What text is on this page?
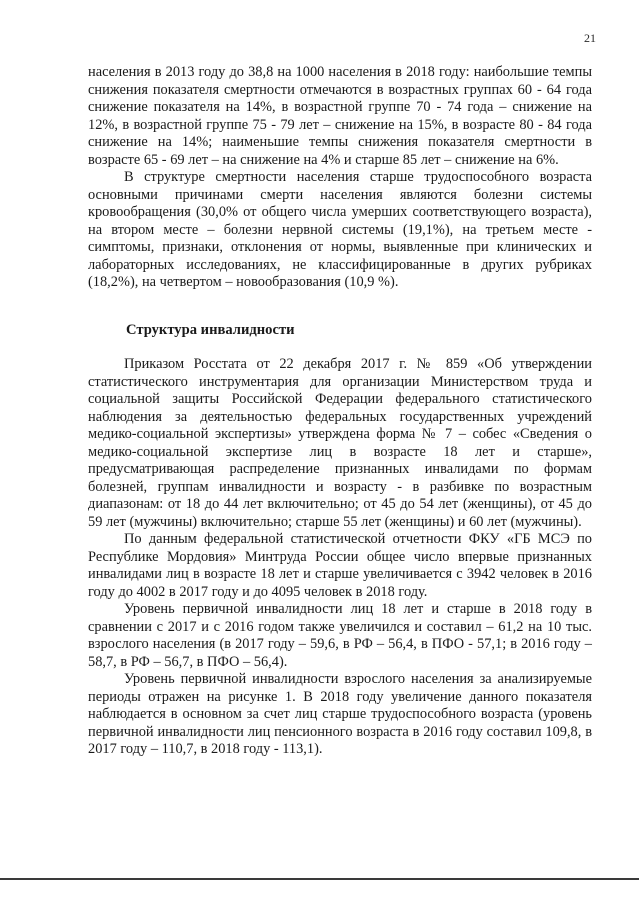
21

населения в 2013 году до 38,8 на 1000 населения в 2018 году: наибольшие темпы снижения показателя смертности отмечаются в возрастных группах 60 - 64 года снижение показателя на 14%, в возрастной группе 70 - 74 года – снижение на 12%, в возрастной группе 75 - 79 лет – снижение на 15%, в возрасте 80 - 84 года снижение на 14%; наименьшие темпы снижения показателя смертности в возрасте 65 - 69 лет – на снижение на 4% и старше 85 лет – снижение на 6%.

В структуре смертности населения старше трудоспособного возраста основными причинами смерти населения являются болезни системы кровообращения (30,0% от общего числа умерших соответствующего возраста), на втором месте – болезни нервной системы (19,1%), на третьем месте - симптомы, признаки, отклонения от нормы, выявленные при клинических и лабораторных исследованиях, не классифицированные в других рубриках (18,2%), на четвертом – новообразования (10,9 %).

Структура инвалидности

Приказом Росстата от 22 декабря 2017 г. № 859 «Об утверждении статистического инструментария для организации Министерством труда и социальной защиты Российской Федерации федерального статистического наблюдения за деятельностью федеральных государственных учреждений медико-социальной экспертизы» утверждена форма № 7 – собес «Сведения о медико-социальной экспертизе лиц в возрасте 18 лет и старше», предусматривающая распределение признанных инвалидами по формам болезней, группам инвалидности и возрасту - в разбивке по возрастным диапазонам: от 18 до 44 лет включительно; от 45 до 54 лет (женщины), от 45 до 59 лет (мужчины) включительно; старше 55 лет (женщины) и 60 лет (мужчины).

По данным федеральной статистической отчетности ФКУ «ГБ МСЭ по Республике Мордовия» Минтруда России общее число впервые признанных инвалидами лиц в возрасте 18 лет и старше увеличивается с 3942 человек в 2016 году до 4002 в 2017 году и до 4095 человек в 2018 году.

Уровень первичной инвалидности лиц 18 лет и старше в 2018 году в сравнении с 2017 и с 2016 годом также увеличился и составил – 61,2 на 10 тыс. взрослого населения (в 2017 году – 59,6, в РФ – 56,4, в ПФО - 57,1; в 2016 году – 58,7, в РФ – 56,7, в ПФО – 56,4).

Уровень первичной инвалидности взрослого населения за анализируемые периоды отражен на рисунке 1. В 2018 году увеличение данного показателя наблюдается в основном за счет лиц старше трудоспособного возраста (уровень первичной инвалидности лиц пенсионного возраста в 2016 году составил 109,8, в 2017 году – 110,7, в 2018 году - 113,1).
